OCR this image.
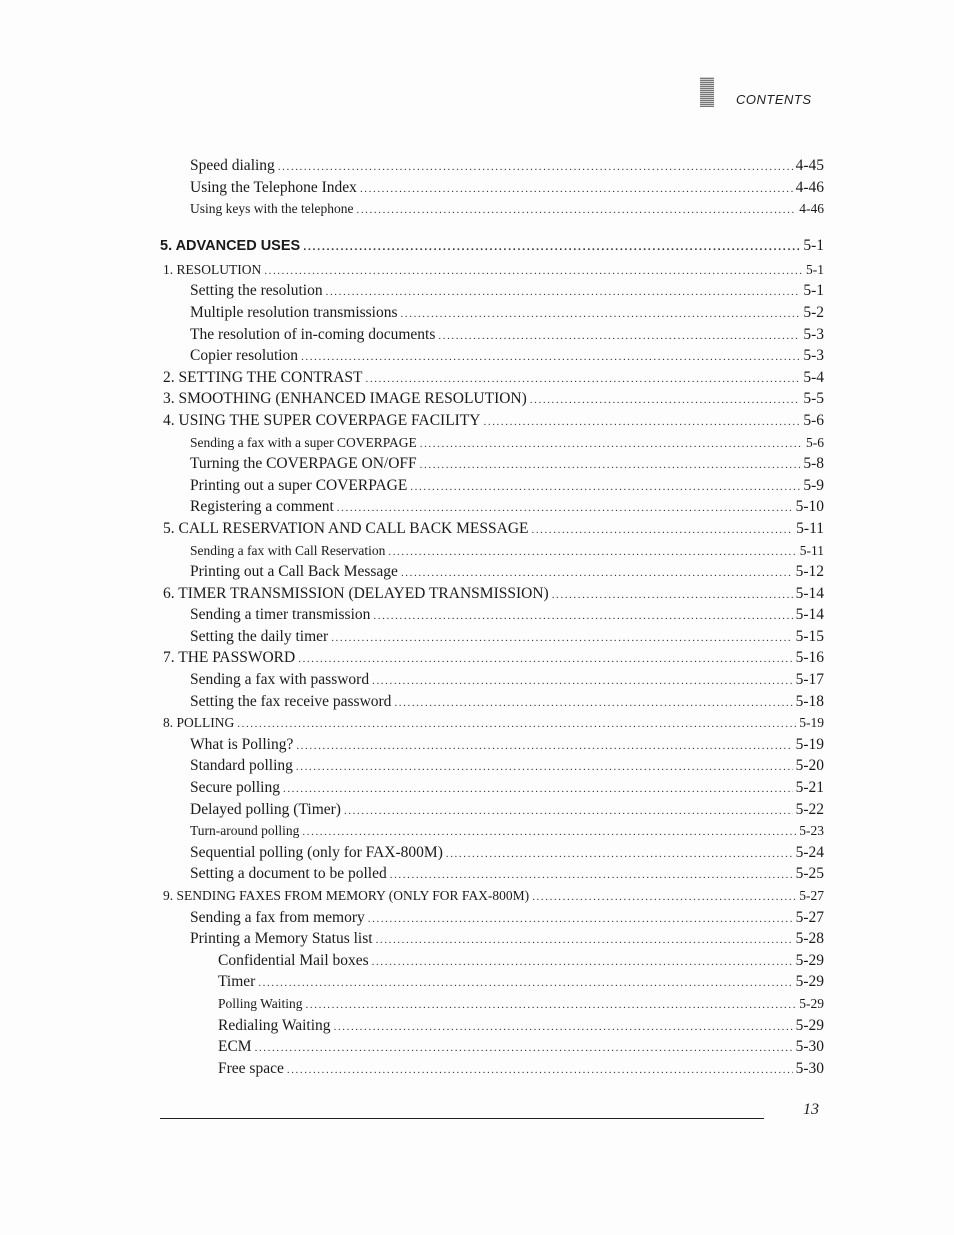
CONTENTS
Speed dialing .....	4-45
Using the Telephone Index .....	4-46
Using keys with the telephone .....	4-46
5. ADVANCED USES .....	5-1
1. RESOLUTION .....	5-1
Setting the resolution .....	5-1
Multiple resolution transmissions .....	5-2
The resolution of in-coming documents .....	5-3
Copier resolution .....	5-3
2. SETTING THE CONTRAST .....	5-4
3. SMOOTHING (ENHANCED IMAGE RESOLUTION) .....	5-5
4. USING THE SUPER COVERPAGE FACILITY .....	5-6
Sending a fax with a super COVERPAGE .....	5-6
Turning the COVERPAGE ON/OFF .....	5-8
Printing out a super COVERPAGE .....	5-9
Registering a comment .....	5-10
5. CALL RESERVATION AND CALL BACK MESSAGE .....	5-11
Sending a fax with Call Reservation .....	5-11
Printing out a Call Back Message .....	5-12
6. TIMER TRANSMISSION (DELAYED TRANSMISSION) .....	5-14
Sending a timer transmission .....	5-14
Setting the daily timer .....	5-15
7. THE PASSWORD .....	5-16
Sending a fax with password .....	5-17
Setting the fax receive password .....	5-18
8. POLLING .....	5-19
What is Polling? .....	5-19
Standard polling .....	5-20
Secure polling .....	5-21
Delayed polling (Timer) .....	5-22
Turn-around polling .....	5-23
Sequential polling (only for FAX-800M) .....	5-24
Setting a document to be polled .....	5-25
9. SENDING FAXES FROM MEMORY (ONLY FOR FAX-800M) .....	5-27
Sending a fax from memory .....	5-27
Printing a Memory Status list .....	5-28
Confidential Mail boxes .....	5-29
Timer .....	5-29
Polling Waiting .....	5-29
Redialing Waiting .....	5-29
ECM .....	5-30
Free space .....	5-30
13
